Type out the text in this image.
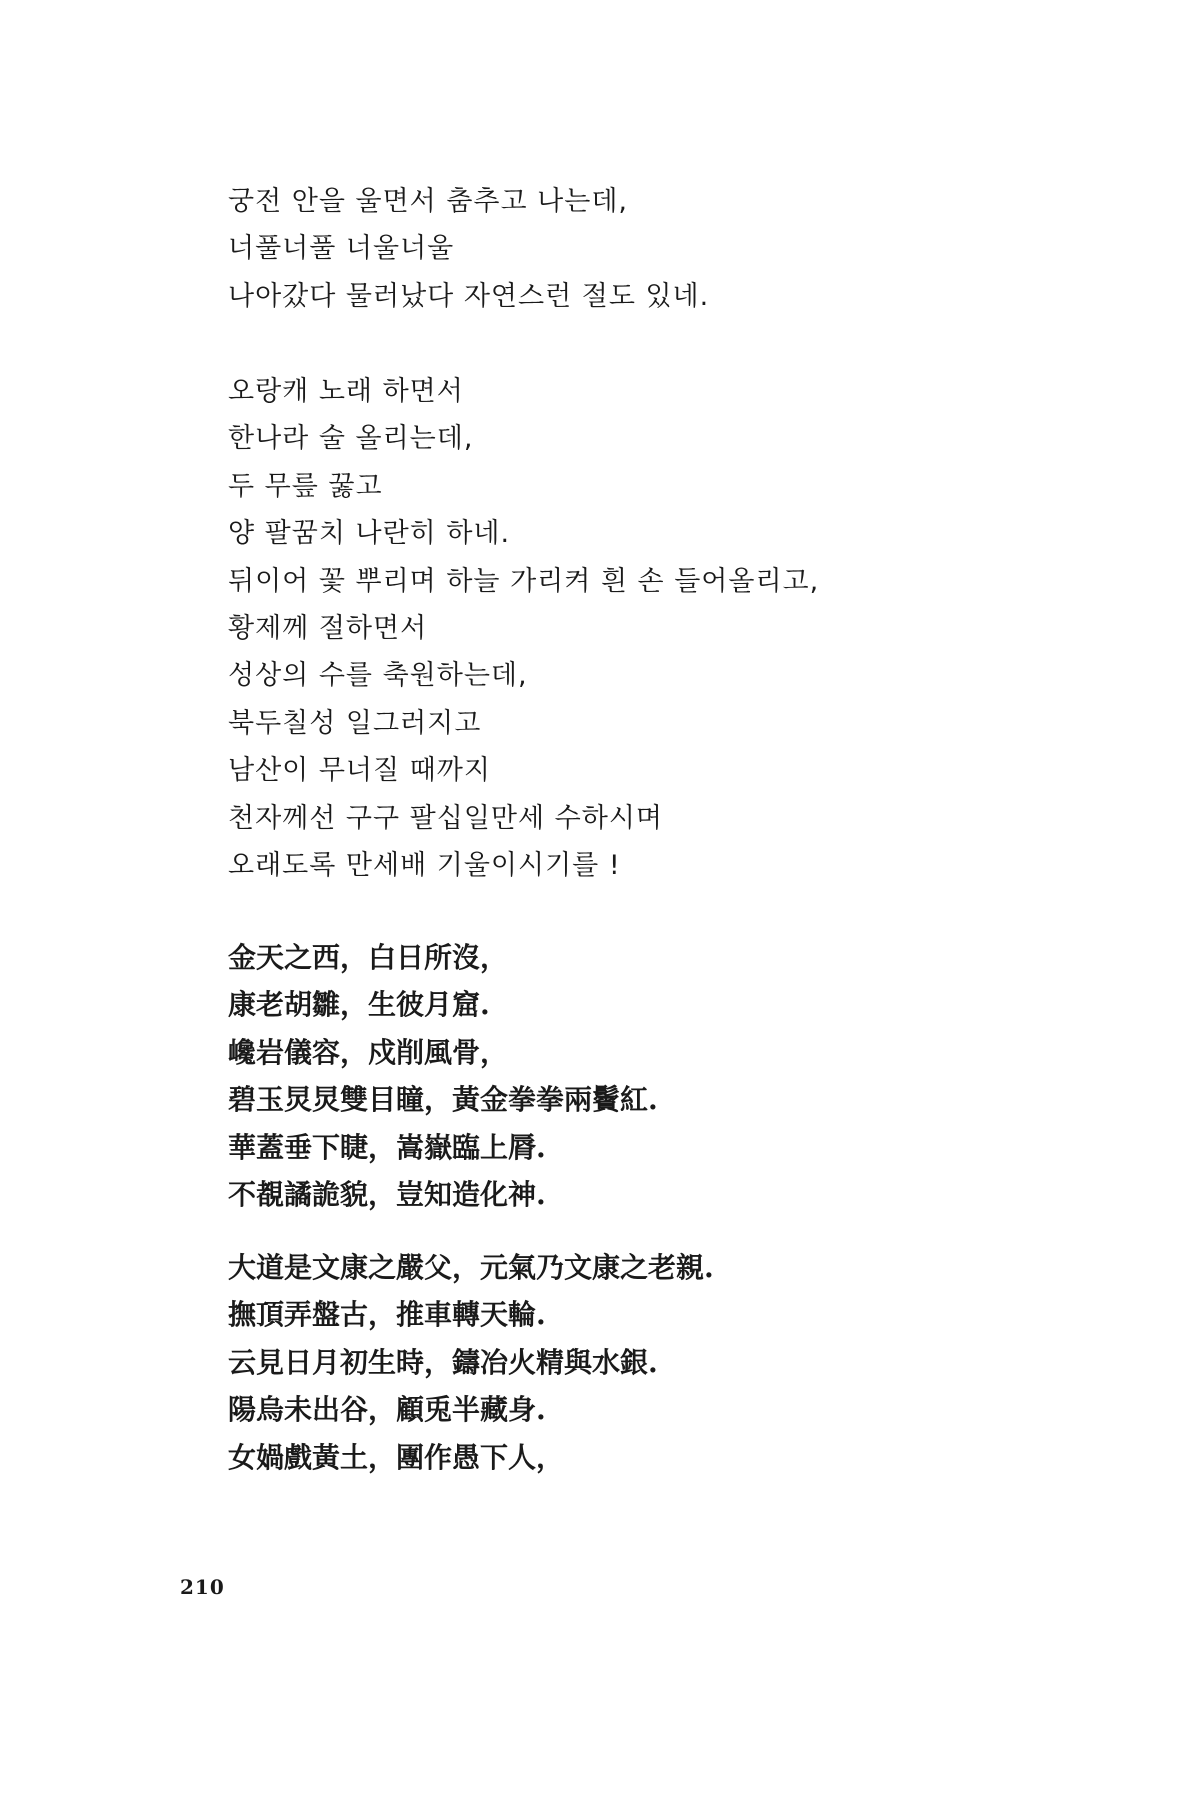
궁전 안을 울면서 춤추고 나는데,
너풀너풀 너울너울
나아갔다 물러났다 자연스런 절도 있네.
오랑캐 노래 하면서
한나라 술 올리는데,
두 무릎 꿇고
양 팔꿈치 나란히 하네.
뒤이어 꽃 뿌리며 하늘 가리켜 흰 손 들어올리고,
황제께 절하면서
성상의 수를 축원하는데,
북두칠성 일그러지고
남산이 무너질 때까지
천자께선 구구 팔십일만세 수하시며
오래도록 만세배 기울이시기를 !
金天之西，白日所沒，
康老胡雛，生彼月窟.
巉岩儀容，戍削風骨，
碧玉炅炅雙目瞳，黃金拳拳兩鬢紅.
華蓋垂下睫，嵩嶽臨上脣.
不覩譎詭貌，豈知造化神.
大道是文康之嚴父，元氣乃文康之老親.
撫頂弄盤古，推車轉天輪.
云見日月初生時，鑄冶火精與水銀.
陽烏未出谷，顧兎半藏身.
女媧戲黃土，團作愚下人，
210
